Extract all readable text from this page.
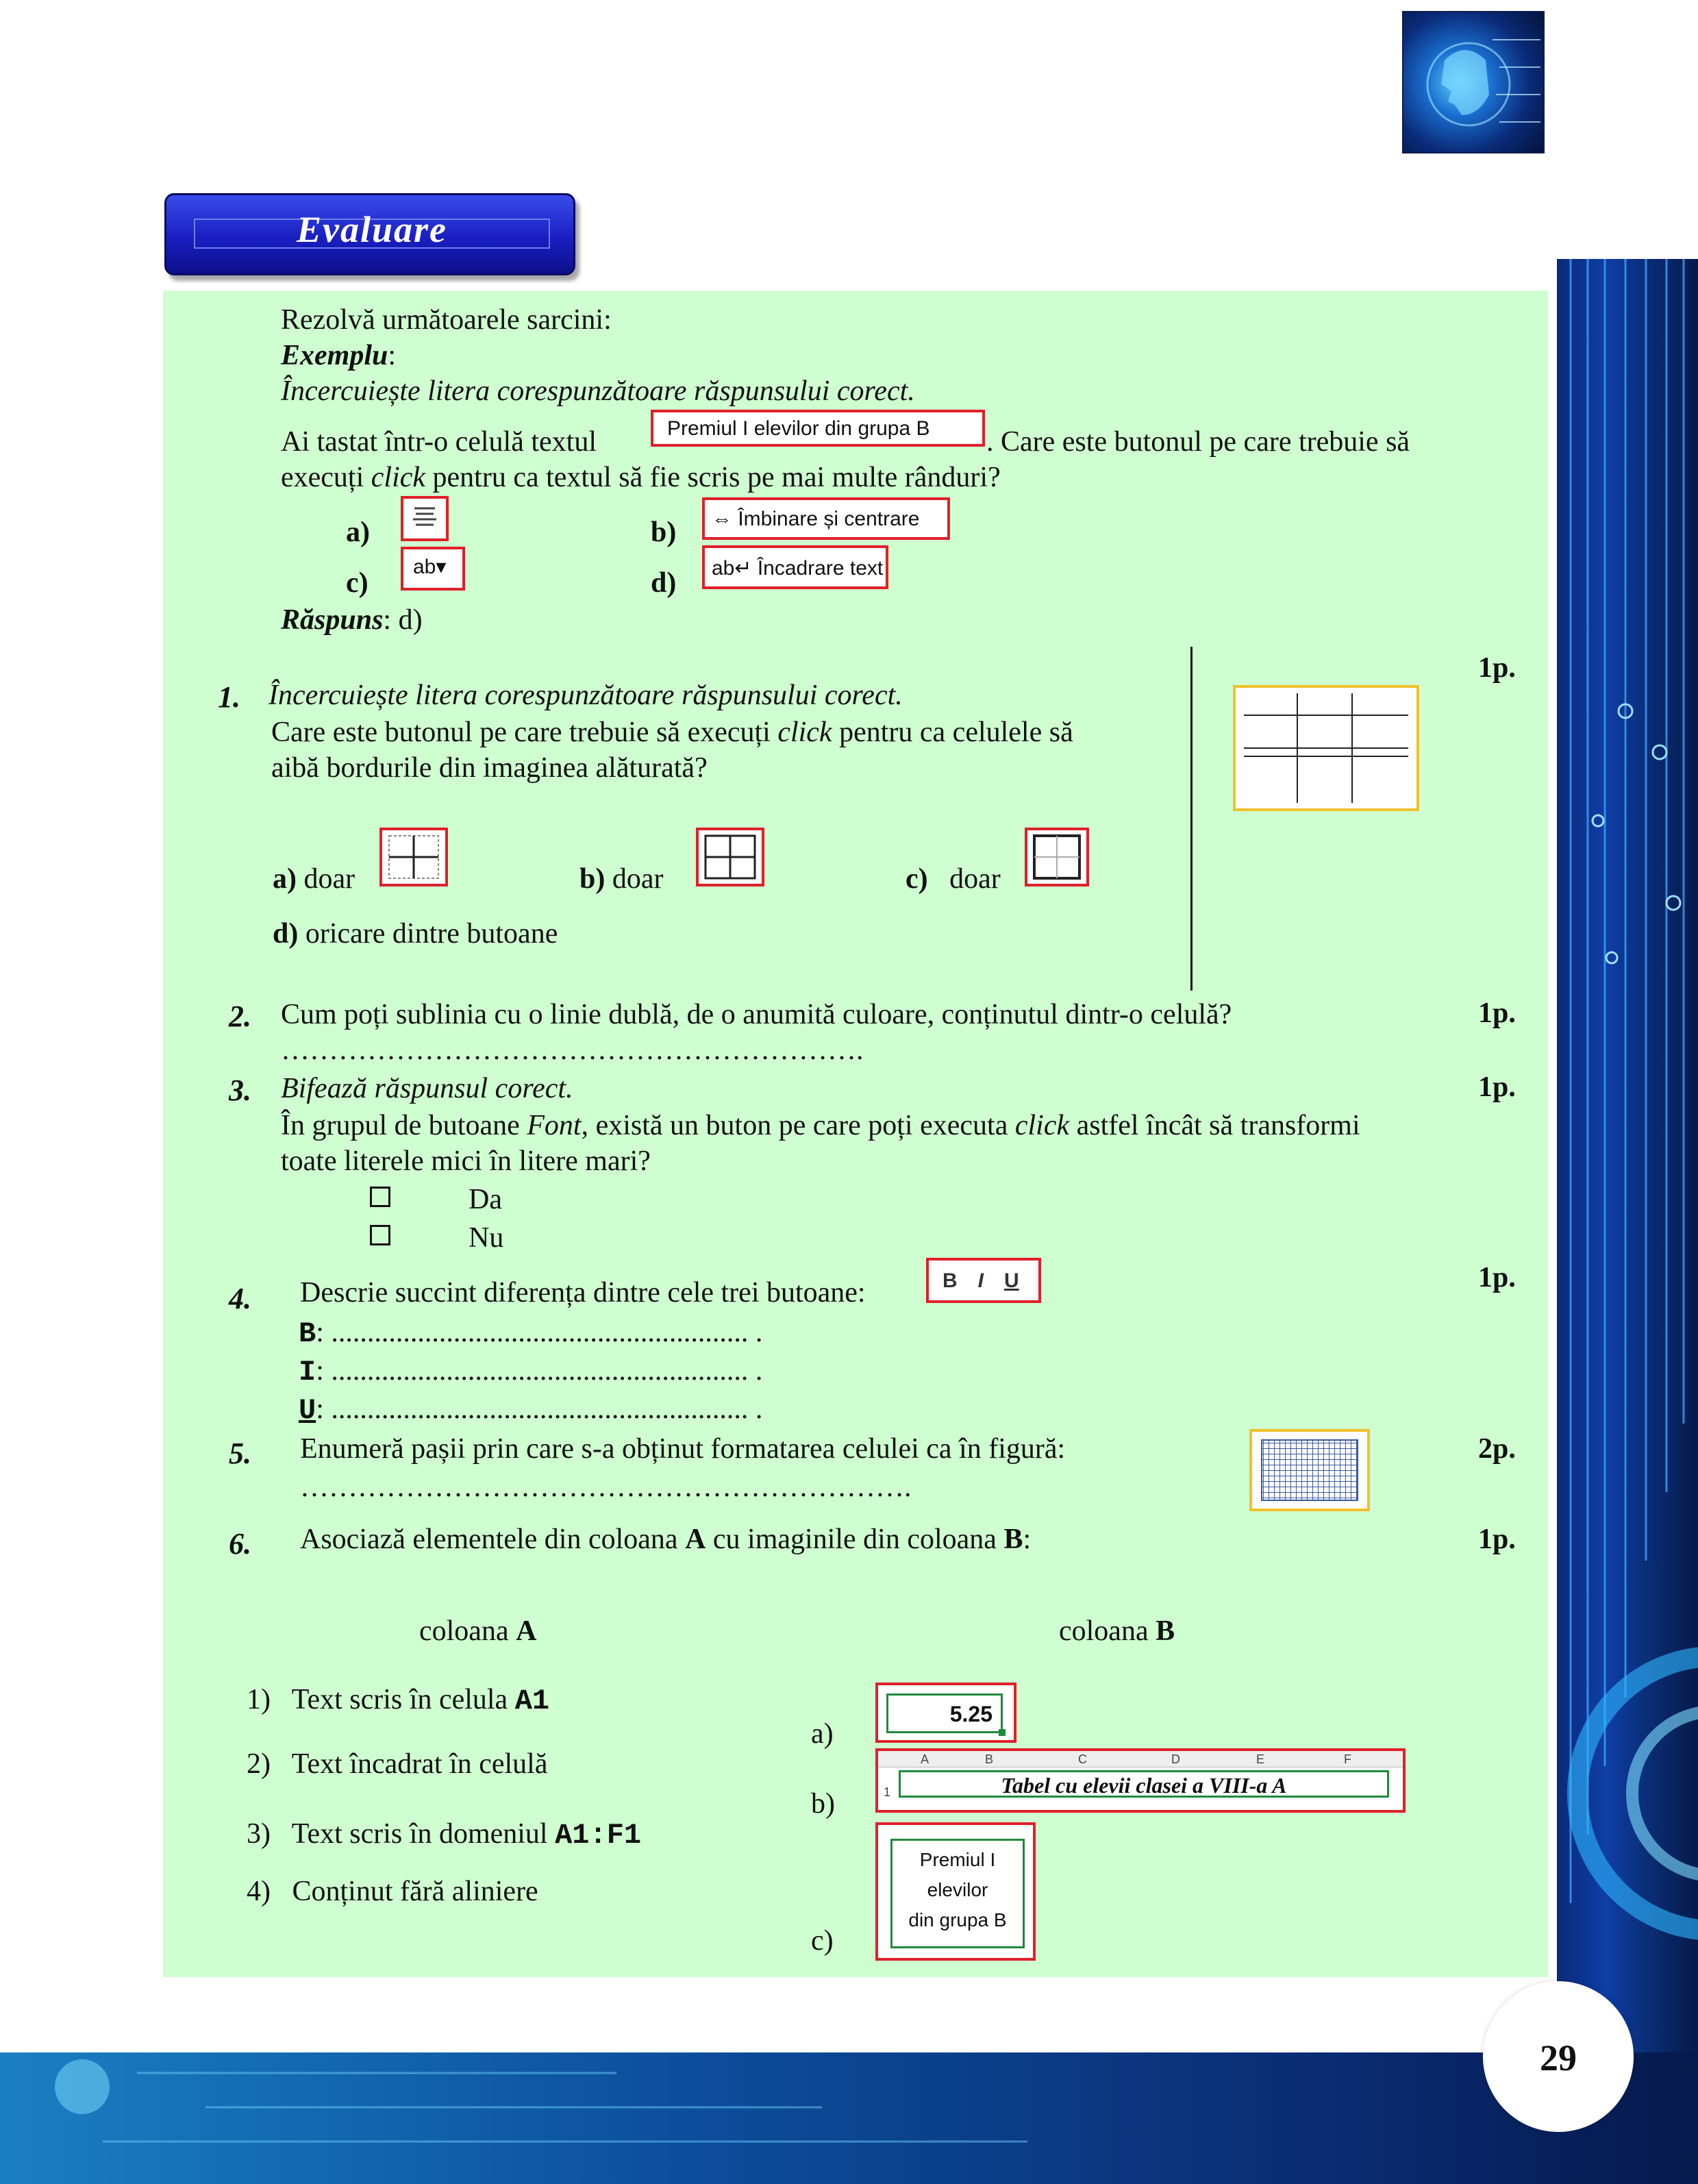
Evaluare
Rezolvă următoarele sarcini:
Exemplu:
Încercuiește litera corespunzătoare răspunsului corect.
Ai tastat într-o celulă textul	Premiul I elevilor din grupa B	. Care este butonul pe care trebuie să
execuți click pentru ca textul să fie scris pe mai multe rânduri?
a)	b)	⇔ Îmbinare și centrare
c)
ab▾
d)	ab↵ Încadrare text
Răspuns: d)
1. Încercuiește litera corespunzătoare răspunsului corect.
Care este butonul pe care trebuie să execuți click pentru ca celulele să
aibă bordurile din imaginea alăturată?
1p.
a) doar	b) doar	c) doar
d) oricare dintre butoane
2. Cum poți sublinia cu o linie dublă, de o anumită culoare, conținutul dintr-o celulă?	1p.
…………………………………………………….
3. Bifează răspunsul corect.	1p.
În grupul de butoane Font, există un buton pe care poți executa click astfel încât să transformi
toate literele mici în litere mari?
Da
Nu
4. Descrie succint diferența dintre cele trei butoane:	1p.
B I U
B: .......................................................... .
I: .......................................................... .
U: .......................................................... .
5. Enumeră pașii prin care s-a obținut formatarea celulei ca în figură:	2p.
……………………………………………………….
6. Asociază elementele din coloana A cu imaginile din coloana B:	1p.
coloana A	coloana B
1) Text scris în celula A1
2) Text încadrat în celulă
3) Text scris în domeniul A1:F1
4) Conținut fără aliniere
a)
b)
c)
5.25
A	B	C	D	E	F
1	Tabel cu elevii clasei a VIII-a A
Premiul I
elevilor
din grupa B
29
